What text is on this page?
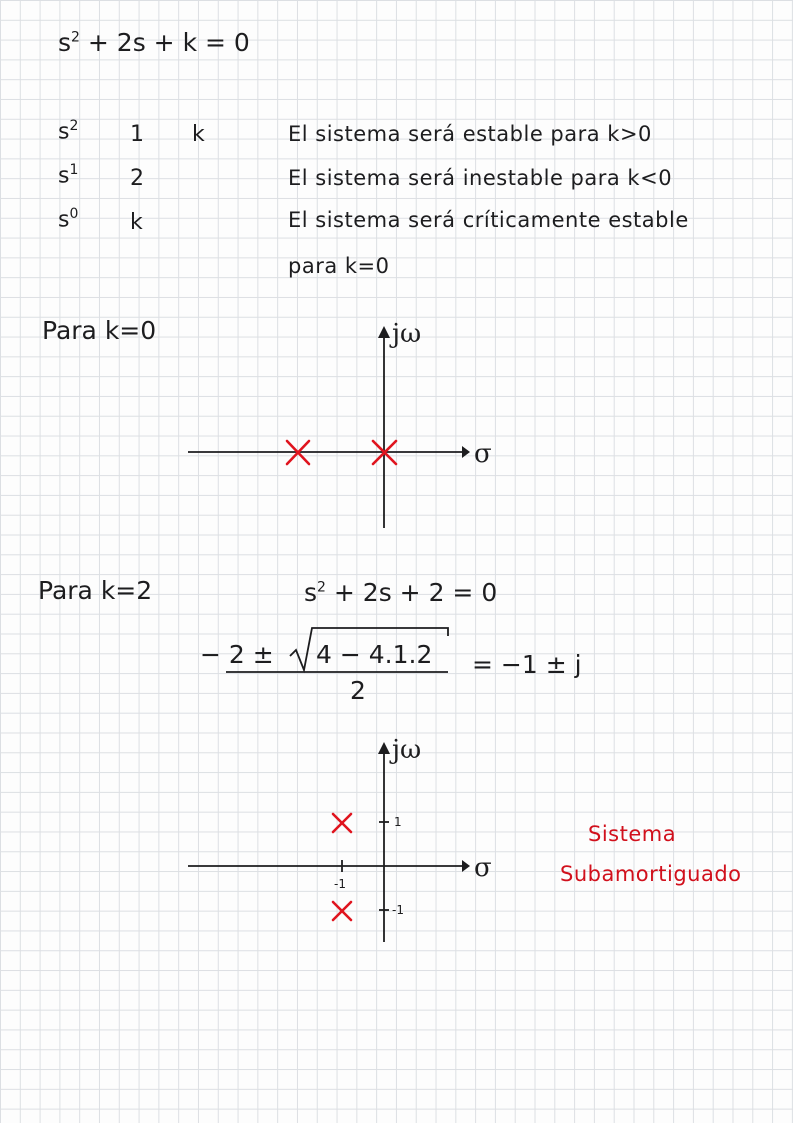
$s^2 + 2s + k = 0$
$s^2$ 1 k
$s^1$ 2
$s^0$ k
El sistema será estable para k>0
El sistema será inestable para k<0
El sistema será críticamente estable
para k=0
Para k=0
σ
jω
Para k=2	$s^2 + 2s + 2 = 0$
− 2 ± 4 − 4.1.2
2
= −1 ± j
σ
jω
-1
1
-1
Sistema
Subamortiguado
